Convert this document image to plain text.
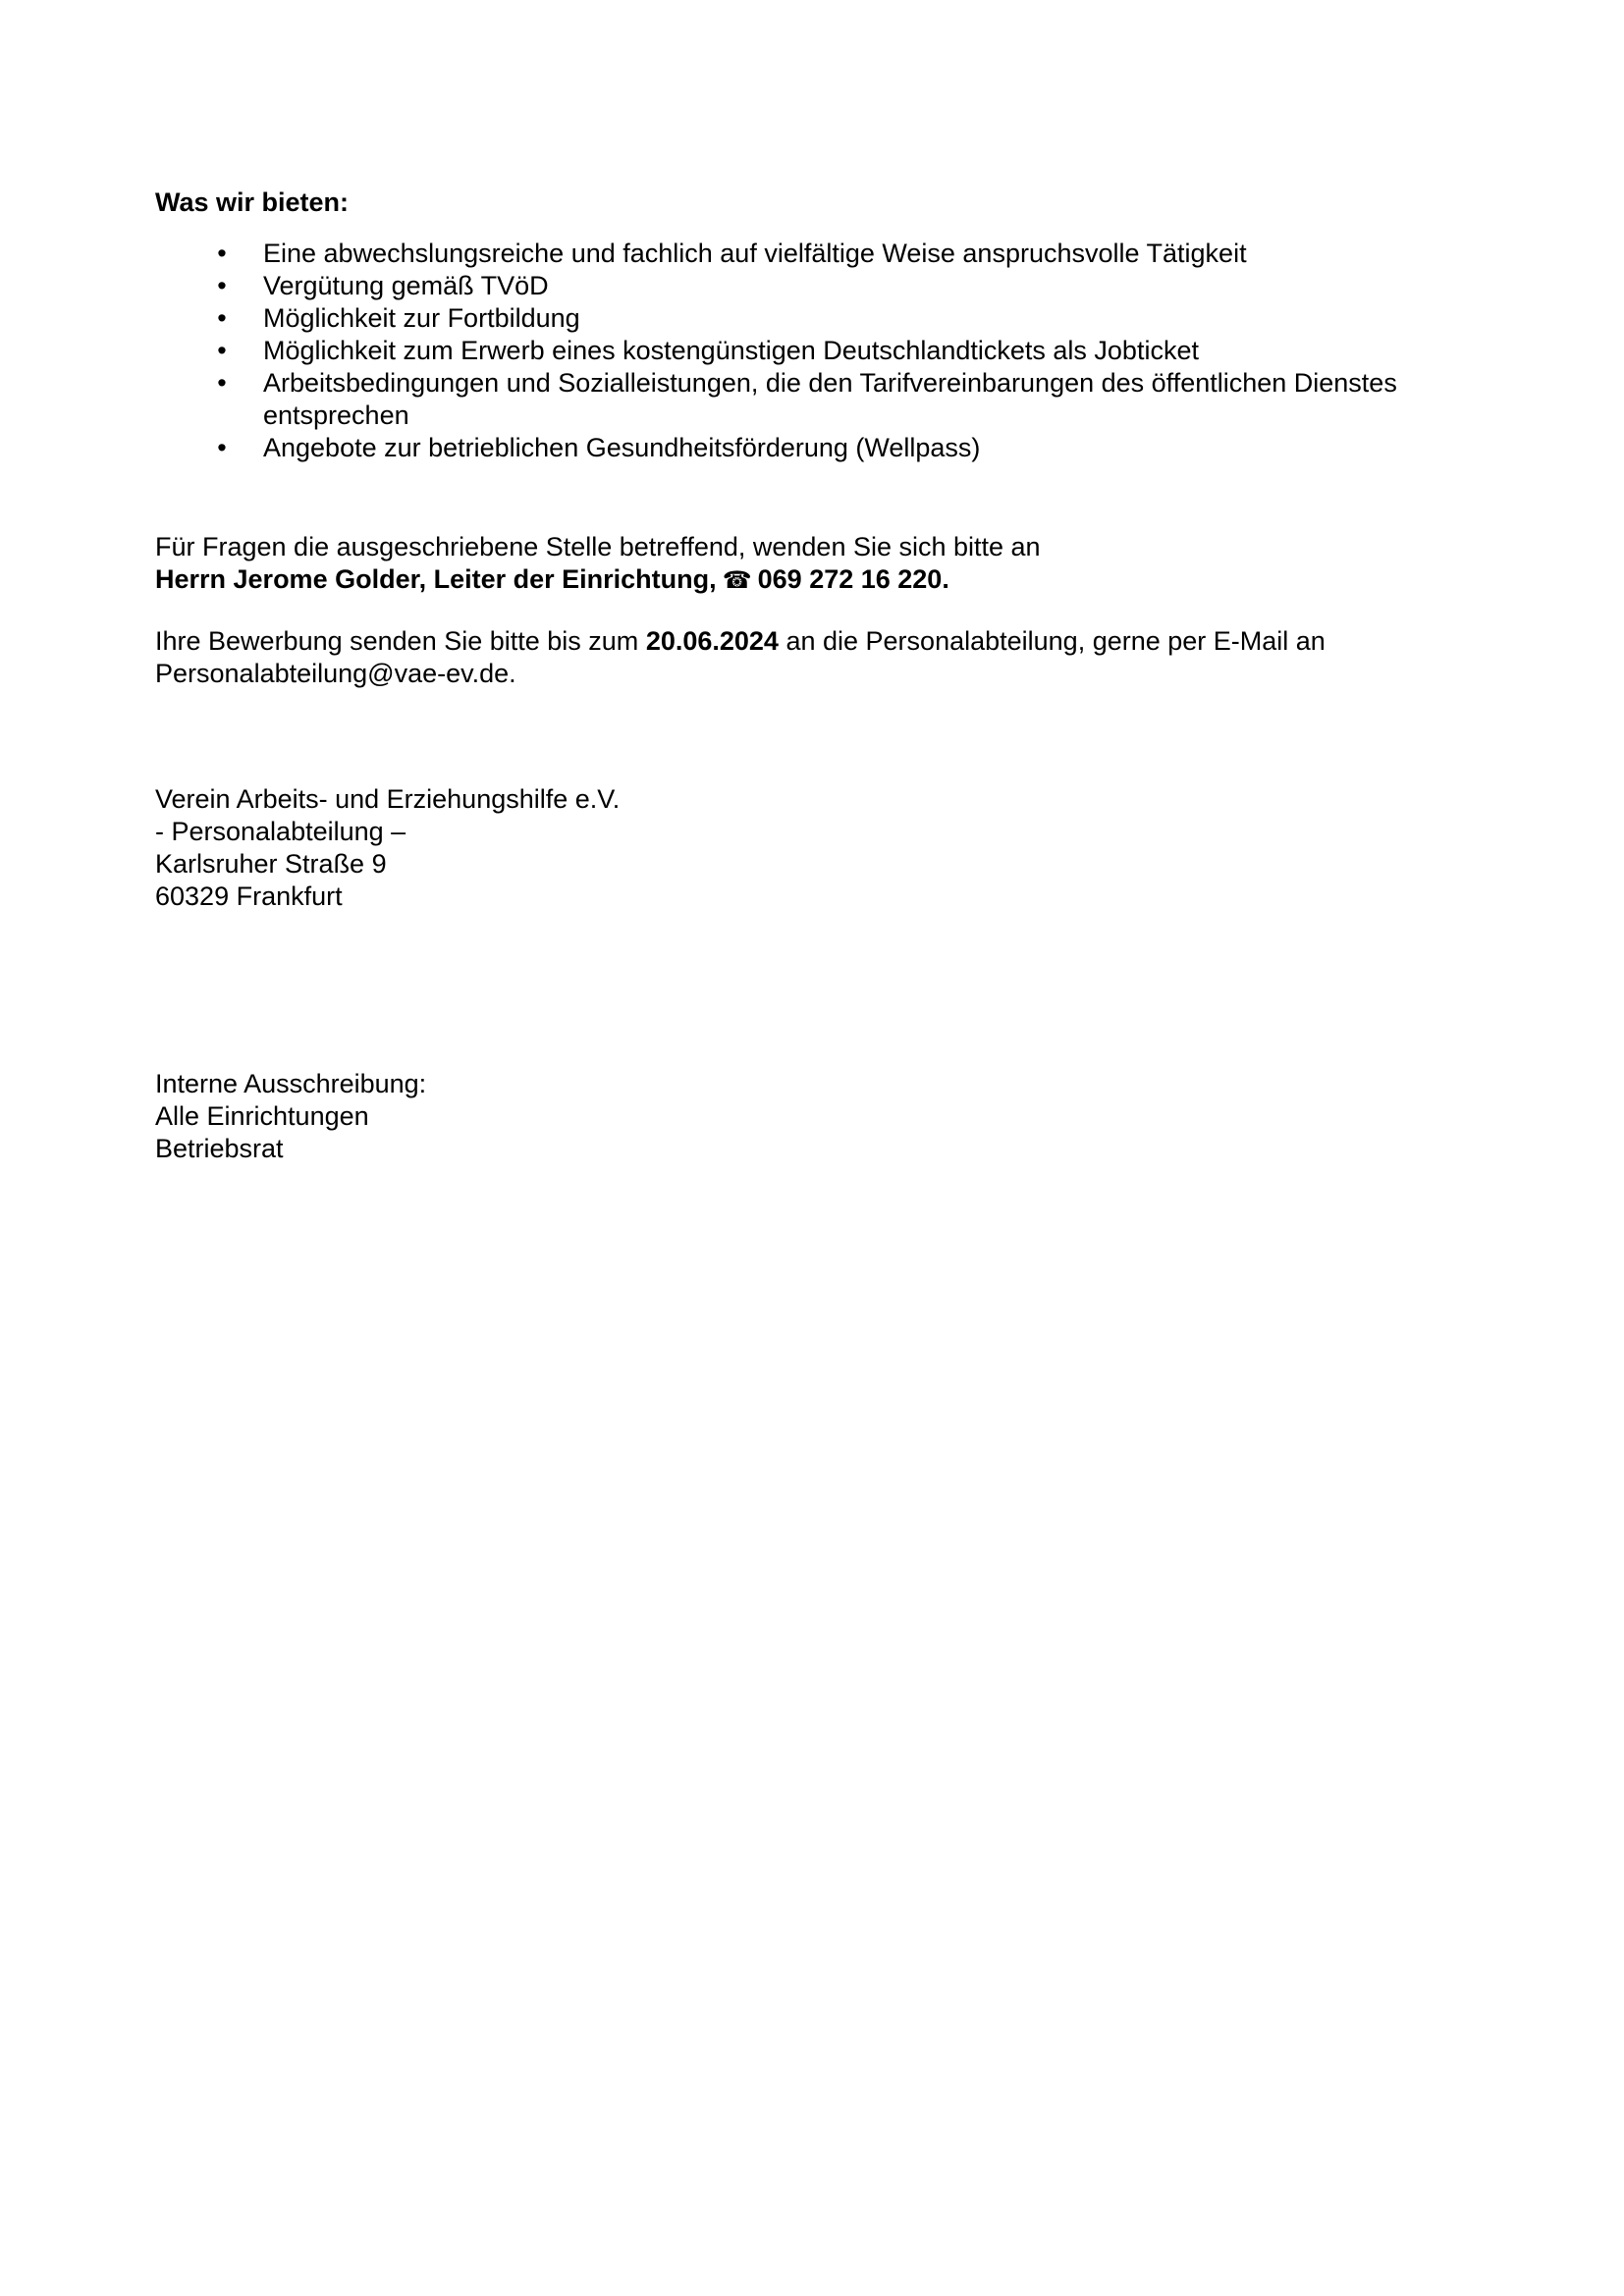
Was wir bieten:
• Eine abwechslungsreiche und fachlich auf vielfältige Weise anspruchsvolle Tätigkeit
• Vergütung gemäß TVöD
• Möglichkeit zur Fortbildung
• Möglichkeit zum Erwerb eines kostengünstigen Deutschlandtickets als Jobticket
• Arbeitsbedingungen und Sozialleistungen, die den Tarifvereinbarungen des öffentlichen Dienstes entsprechen
• Angebote zur betrieblichen Gesundheitsförderung (Wellpass)
Für Fragen die ausgeschriebene Stelle betreffend, wenden Sie sich bitte an
Herrn Jerome Golder, Leiter der Einrichtung, ☎ 069 272 16 220.
Ihre Bewerbung senden Sie bitte bis zum 20.06.2024 an die Personalabteilung, gerne per E-Mail an
Personalabteilung@vae-ev.de.
Verein Arbeits- und Erziehungshilfe e.V.
- Personalabteilung –
Karlsruher Straße 9
60329 Frankfurt
Interne Ausschreibung:
Alle Einrichtungen
Betriebsrat
